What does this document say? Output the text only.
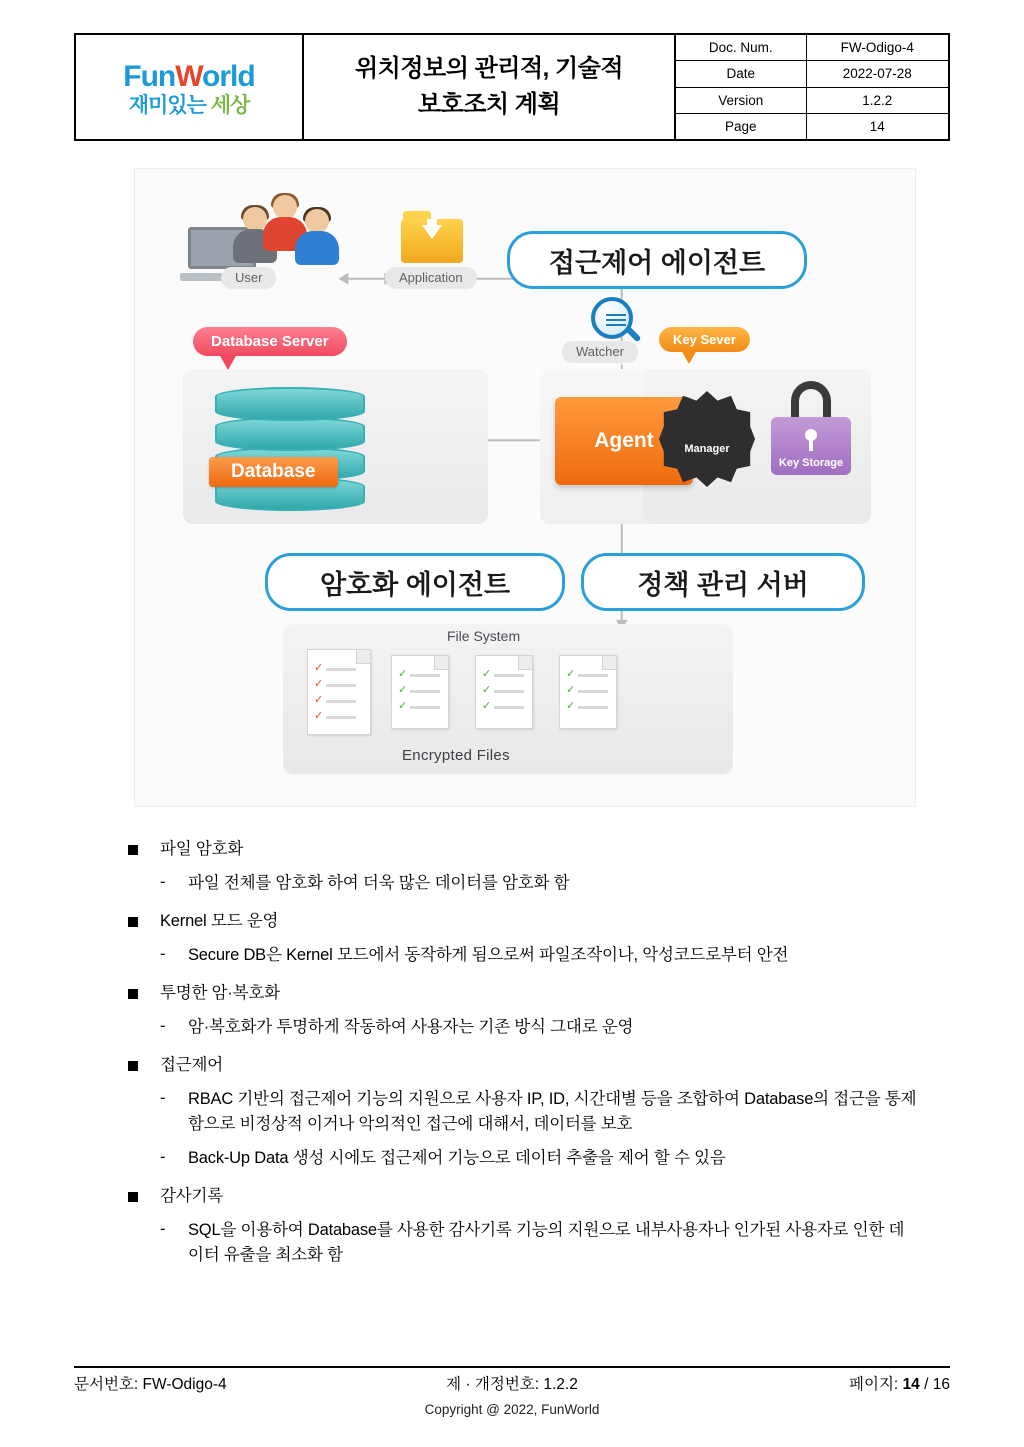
FunWorld
재미있는 세상
위치정보의 관리적, 기술적
보호조치 계획
Doc. Num.	FW-Odigo-4
Date	2022-07-28
Version	1.2.2
Page	14
User	Application
Watcher
Database Server
Database
Agent
Key Sever
Manager
Key Storage
File System
✓
✓
✓
✓
✓
✓
✓
✓
✓
✓
✓
✓
✓
Encrypted Files
접근제어 에이전트
암호화 에이전트	정책 관리 서버
파일 암호화
-	파일 전체를 암호화 하여 더욱 많은 데이터를 암호화 함
Kernel 모드 운영
-	Secure DB은 Kernel 모드에서 동작하게 됨으로써 파일조작이나, 악성코드로부터 안전
투명한 암·복호화
-	암·복호화가 투명하게 작동하여 사용자는 기존 방식 그대로 운영
접근제어
-	RBAC 기반의 접근제어 기능의 지원으로 사용자 IP, ID, 시간대별 등을 조합하여 Database의 접근을 통제함으로 비정상적 이거나 악의적인 접근에 대해서, 데이터를 보호
-	Back-Up Data 생성 시에도 접근제어 기능으로 데이터 추출을 제어 할 수 있음
감사기록
-	SQL을 이용하여 Database를 사용한 감사기록 기능의 지원으로 내부사용자나 인가된 사용자로 인한 데이터 유출을 최소화 함
문서번호: FW-Odigo-4	제 · 개정번호: 1.2.2	페이지: 14 / 16
Copyright @ 2022, FunWorld
